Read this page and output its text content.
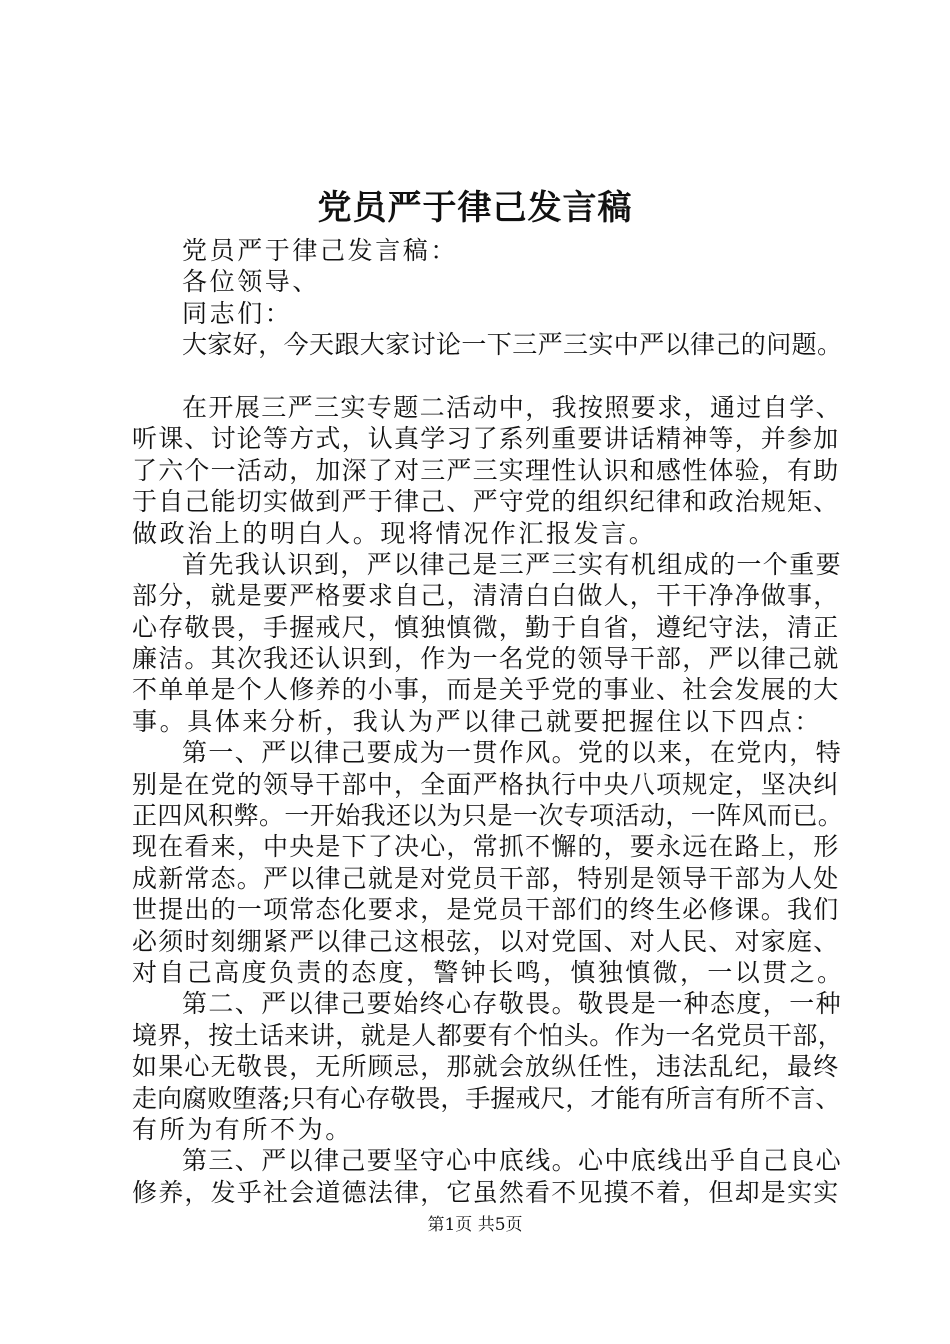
党员严于律己发言稿
党员严于律己发言稿：
各位领导、
同志们：
大家好，今天跟大家讨论一下三严三实中严以律己的问题。
在开展三严三实专题二活动中，我按照要求，通过自学、
听课、讨论等方式，认真学习了系列重要讲话精神等，并参加
了六个一活动，加深了对三严三实理性认识和感性体验，有助
于自己能切实做到严于律己、严守党的组织纪律和政治规矩、
做政治上的明白人。现将情况作汇报发言。
首先我认识到，严以律己是三严三实有机组成的一个重要
部分，就是要严格要求自己，清清白白做人，干干净净做事，
心存敬畏，手握戒尺，慎独慎微，勤于自省，遵纪守法，清正
廉洁。其次我还认识到，作为一名党的领导干部，严以律己就
不单单是个人修养的小事，而是关乎党的事业、社会发展的大
事。具体来分析，我认为严以律己就要把握住以下四点：
第一、严以律己要成为一贯作风。党的以来，在党内，特
别是在党的领导干部中，全面严格执行中央八项规定，坚决纠
正四风积弊。一开始我还以为只是一次专项活动，一阵风而已。
现在看来，中央是下了决心，常抓不懈的，要永远在路上，形
成新常态。严以律己就是对党员干部，特别是领导干部为人处
世提出的一项常态化要求，是党员干部们的终生必修课。我们
必须时刻绷紧严以律己这根弦，以对党国、对人民、对家庭、
对自己高度负责的态度，警钟长鸣，慎独慎微，一以贯之。
第二、严以律己要始终心存敬畏。敬畏是一种态度，一种
境界，按土话来讲，就是人都要有个怕头。作为一名党员干部，
如果心无敬畏，无所顾忌，那就会放纵任性，违法乱纪，最终
走向腐败堕落;只有心存敬畏，手握戒尺，才能有所言有所不言、
有所为有所不为。
第三、严以律己要坚守心中底线。心中底线出乎自己良心
修养，发乎社会道德法律，它虽然看不见摸不着，但却是实实
第1页 共5页
